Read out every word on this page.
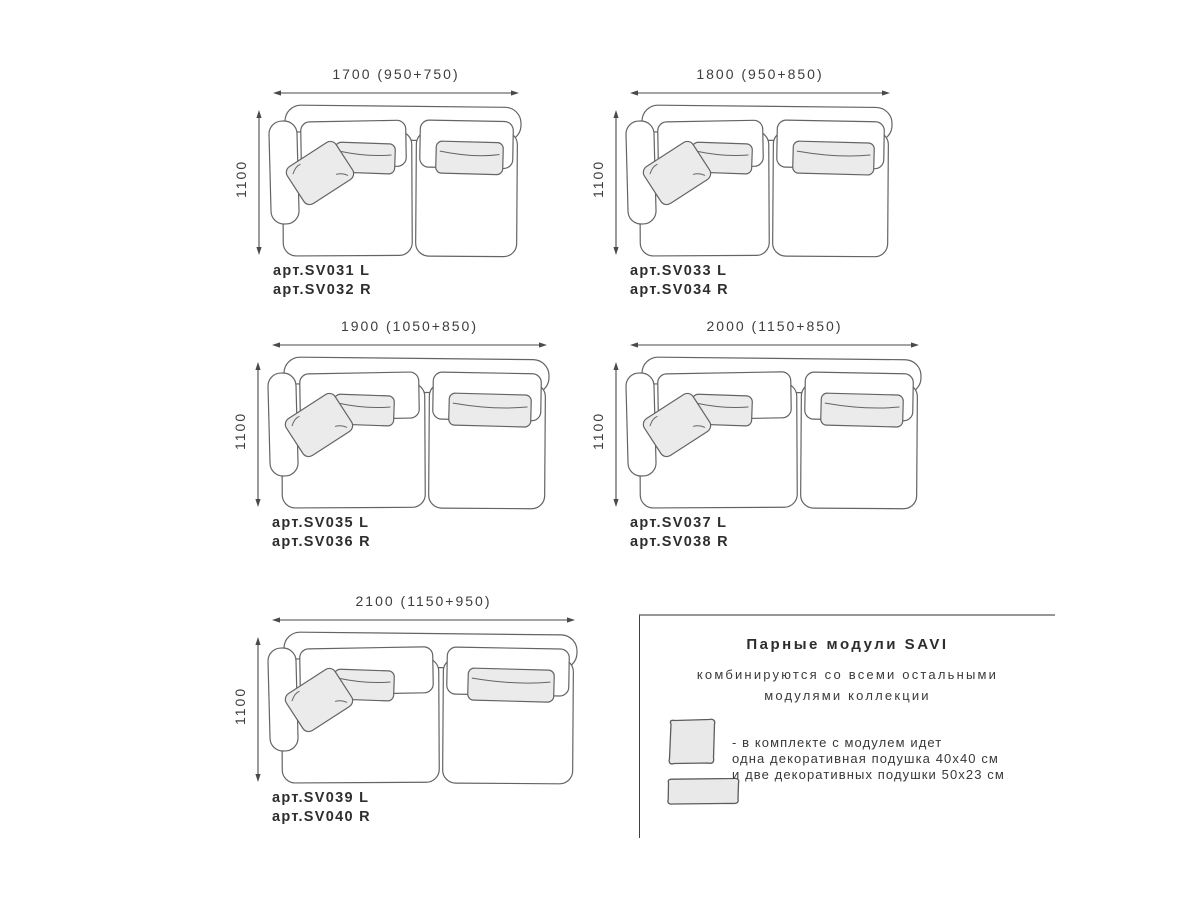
1700 (950+750)
1100
арт.SV031 L
арт.SV032 R
1800 (950+850)
1100
арт.SV033 L
арт.SV034 R
1900 (1050+850)
1100
арт.SV035 L
арт.SV036 R
2000 (1150+850)
1100
арт.SV037 L
арт.SV038 R
2100 (1150+950)
1100
арт.SV039 L
арт.SV040 R
Парные модули SAVI
комбинируются со всеми остальными
модулями коллекции
- в комплекте с модулем идет
одна декоративная подушка 40х40 см
и две декоративных подушки 50х23 см
